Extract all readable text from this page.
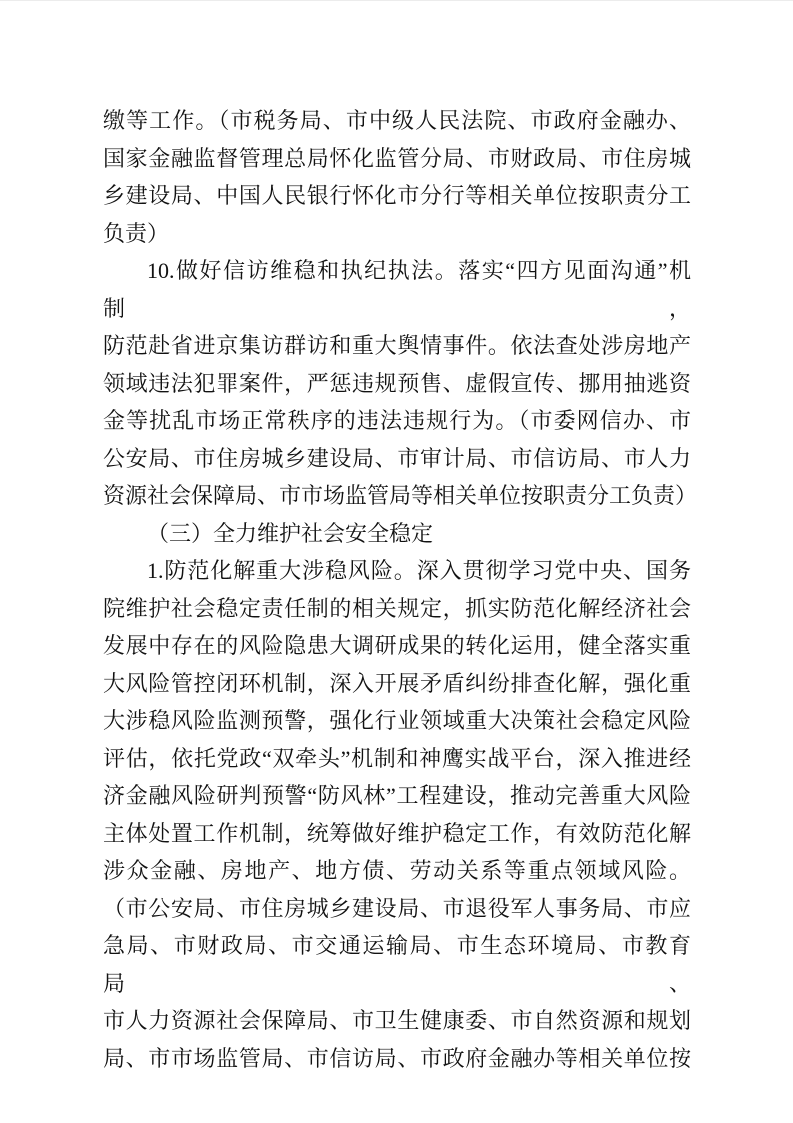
缴等工作。（市税务局、市中级人民法院、市政府金融办、
国家金融监督管理总局怀化监管分局、市财政局、市住房城
乡建设局、中国人民银行怀化市分行等相关单位按职责分工
负责）
10.做好信访维稳和执纪执法。落实“四方见面沟通”机制，
防范赴省进京集访群访和重大舆情事件。依法查处涉房地产
领域违法犯罪案件，严惩违规预售、虚假宣传、挪用抽逃资
金等扰乱市场正常秩序的违法违规行为。（市委网信办、市
公安局、市住房城乡建设局、市审计局、市信访局、市人力
资源社会保障局、市市场监管局等相关单位按职责分工负责）
（三）全力维护社会安全稳定
1.防范化解重大涉稳风险。深入贯彻学习党中央、国务
院维护社会稳定责任制的相关规定，抓实防范化解经济社会
发展中存在的风险隐患大调研成果的转化运用，健全落实重
大风险管控闭环机制，深入开展矛盾纠纷排查化解，强化重
大涉稳风险监测预警，强化行业领域重大决策社会稳定风险
评估，依托党政“双牵头”机制和神鹰实战平台，深入推进经
济金融风险研判预警“防风林”工程建设，推动完善重大风险
主体处置工作机制，统筹做好维护稳定工作，有效防范化解
涉众金融、房地产、地方债、劳动关系等重点领域风险。
（市公安局、市住房城乡建设局、市退役军人事务局、市应
急局、市财政局、市交通运输局、市生态环境局、市教育局、
市人力资源社会保障局、市卫生健康委、市自然资源和规划
局、市市场监管局、市信访局、市政府金融办等相关单位按
